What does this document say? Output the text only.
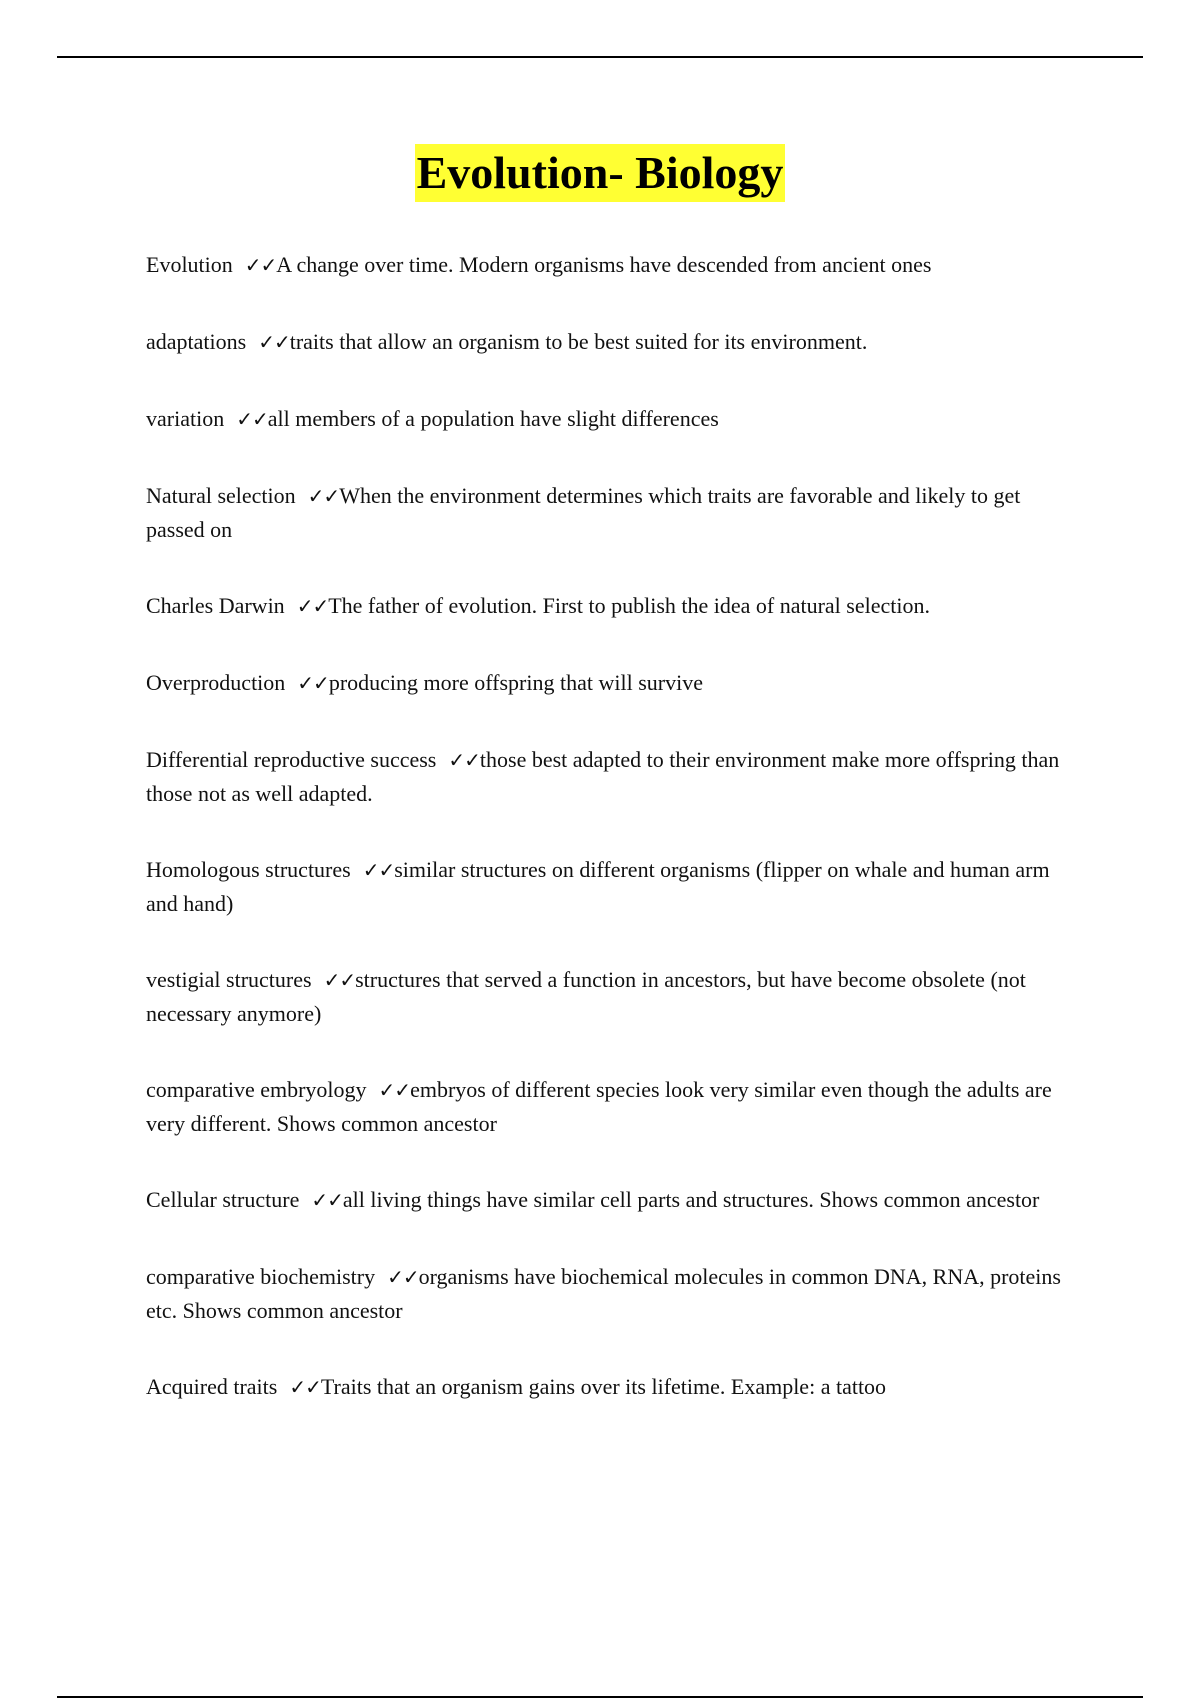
Evolution- Biology
Evolution ✓✓A change over time. Modern organisms have descended from ancient ones
adaptations ✓✓traits that allow an organism to be best suited for its environment.
variation ✓✓all members of a population have slight differences
Natural selection ✓✓When the environment determines which traits are favorable and likely to get passed on
Charles Darwin ✓✓The father of evolution. First to publish the idea of natural selection.
Overproduction ✓✓producing more offspring that will survive
Differential reproductive success ✓✓those best adapted to their environment make more offspring than those not as well adapted.
Homologous structures ✓✓similar structures on different organisms (flipper on whale and human arm and hand)
vestigial structures ✓✓structures that served a function in ancestors, but have become obsolete (not necessary anymore)
comparative embryology ✓✓embryos of different species look very similar even though the adults are very different. Shows common ancestor
Cellular structure ✓✓all living things have similar cell parts and structures. Shows common ancestor
comparative biochemistry ✓✓organisms have biochemical molecules in common DNA, RNA, proteins etc. Shows common ancestor
Acquired traits ✓✓Traits that an organism gains over its lifetime. Example: a tattoo
